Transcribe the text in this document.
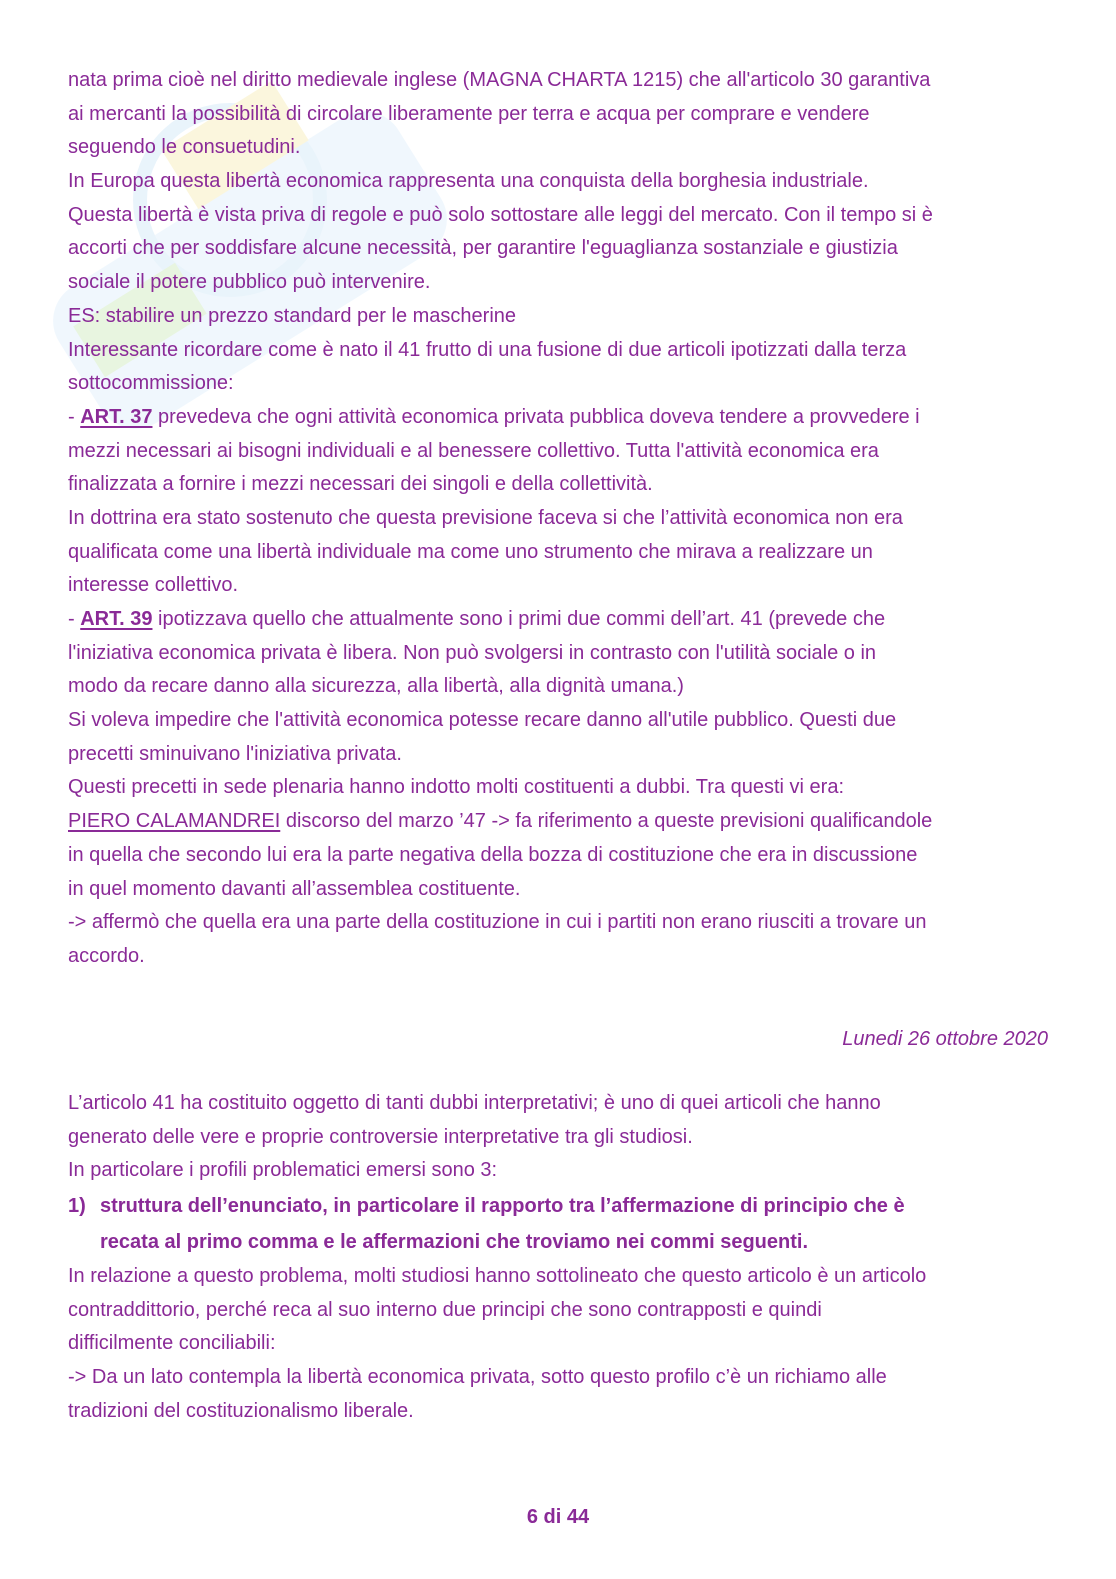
nata prima cioè nel diritto medievale inglese (MAGNA CHARTA 1215) che all'articolo 30 garantiva
ai mercanti la possibilità di circolare liberamente per terra e acqua per comprare e vendere
seguendo le consuetudini.
In Europa questa libertà economica rappresenta una conquista della borghesia industriale.
Questa libertà è vista priva di regole e può solo sottostare alle leggi del mercato. Con il tempo si è
accorti che per soddisfare alcune necessità, per garantire l'eguaglianza sostanziale e giustizia
sociale il potere pubblico può intervenire.
ES: stabilire un prezzo standard per le mascherine
Interessante ricordare come è nato il 41 frutto di una fusione di due articoli ipotizzati dalla terza
sottocommissione:
- ART. 37 prevedeva che ogni attività economica privata pubblica doveva tendere a provvedere i
mezzi necessari ai bisogni individuali e al benessere collettivo. Tutta l'attività economica era
finalizzata a fornire i mezzi necessari dei singoli e della collettività.
In dottrina era stato sostenuto che questa previsione faceva si che l’attività economica non era
qualificata come una libertà individuale ma come uno strumento che mirava a realizzare un
interesse collettivo.
- ART. 39 ipotizzava quello che attualmente sono i primi due commi dell’art. 41 (prevede che
l'iniziativa economica privata è libera. Non può svolgersi in contrasto con l'utilità sociale o in
modo da recare danno alla sicurezza, alla libertà, alla dignità umana.)
Si voleva impedire che l'attività economica potesse recare danno all'utile pubblico. Questi due
precetti sminuivano l'iniziativa privata.
Questi precetti in sede plenaria hanno indotto molti costituenti a dubbi. Tra questi vi era:
PIERO CALAMANDREI discorso del marzo ’47 -> fa riferimento a queste previsioni qualificandole
in quella che secondo lui era la parte negativa della bozza di costituzione che era in discussione
in quel momento davanti all’assemblea costituente.
-> affermò che quella era una parte della costituzione in cui i partiti non erano riusciti a trovare un
accordo.
Lunedi 26 ottobre 2020
L’articolo 41 ha costituito oggetto di tanti dubbi interpretativi; è uno di quei articoli che hanno
generato delle vere e proprie controversie interpretative tra gli studiosi.
In particolare i profili problematici emersi sono 3:
1) struttura dell’enunciato, in particolare il rapporto tra l’affermazione di principio che è
recata al primo comma e le affermazioni che troviamo nei commi seguenti.
In relazione a questo problema, molti studiosi hanno sottolineato che questo articolo è un articolo
contraddittorio, perché reca al suo interno due principi che sono contrapposti e quindi
difficilmente conciliabili:
-> Da un lato contempla la libertà economica privata, sotto questo profilo c’è un richiamo alle
tradizioni del costituzionalismo liberale.
6 di 44
